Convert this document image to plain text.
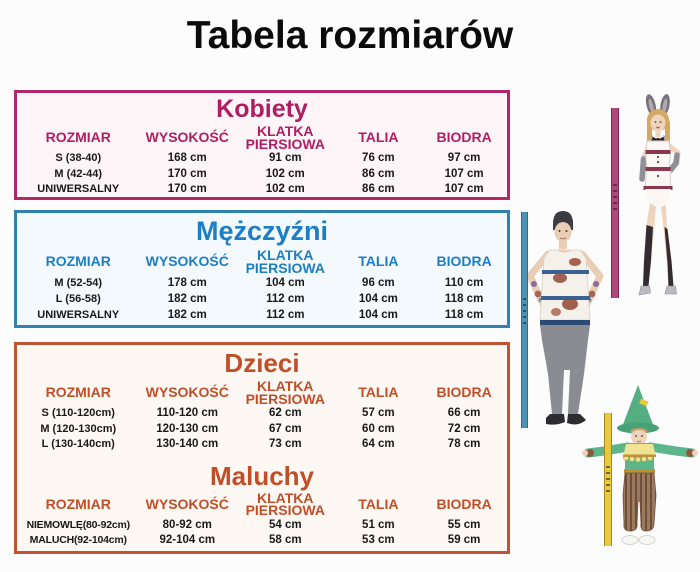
Tabela rozmiarów
Kobiety
ROZMIAR	WYSOKOŚĆ	KLATKA PIERSIOWA	TALIA	BIODRA
S (38-40)	168 cm	91 cm	76 cm	97 cm
M (42-44)	170 cm	102 cm	86 cm	107 cm
UNIWERSALNY	170 cm	102 cm	86 cm	107 cm
Mężczyźni
ROZMIAR	WYSOKOŚĆ	KLATKA PIERSIOWA	TALIA	BIODRA
M (52-54)	178 cm	104 cm	96 cm	110 cm
L (56-58)	182 cm	112 cm	104 cm	118 cm
UNIWERSALNY	182 cm	112 cm	104 cm	118 cm
Dzieci
ROZMIAR	WYSOKOŚĆ	KLATKA PIERSIOWA	TALIA	BIODRA
S (110-120cm)	110-120 cm	62 cm	57 cm	66 cm
M (120-130cm)	120-130 cm	67 cm	60 cm	72 cm
L (130-140cm)	130-140 cm	73 cm	64 cm	78 cm
Maluchy
ROZMIAR	WYSOKOŚĆ	KLATKA PIERSIOWA	TALIA	BIODRA
NIEMOWLĘ(80-92cm)	80-92 cm	54 cm	51 cm	55 cm
MALUCH(92-104cm)	92-104 cm	58 cm	53 cm	59 cm
